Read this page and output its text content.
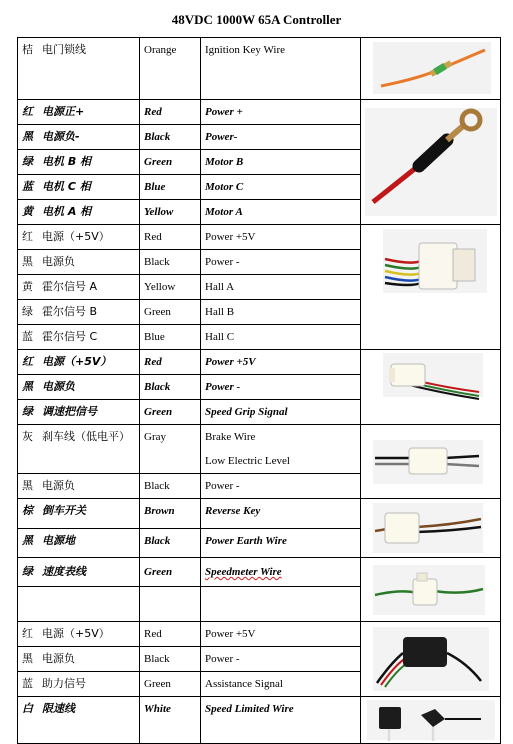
48VDC 1000W 65A Controller
桔 电门锁线	Orange	Ignition Key Wire	

红 电源正+	Red	Power +	

黑 电源负-	Black	Power-	
绿 电机 B 相	Green	Motor B	
蓝 电机 C 相	Blue	Motor C	
黄 电机 A 相	Yellow	Motor A	
红 电源（+5V）	Red	Power +5V	

黑 电源负	Black	Power -	
黄 霍尔信号 A	Yellow	Hall A	
绿 霍尔信号 B	Green	Hall B	
蓝 霍尔信号 C	Blue	Hall C	
红 电源（+5V）	Red	Power +5V	

黑 电源负	Black	Power -	
绿 调速把信号	Green	Speed Grip Signal	
灰 刹车线（低电平）	Gray	Brake Wire
Low Electric Level

黑 电源负	Black	Power -	
棕 倒车开关	Brown	Reverse Key	

黑 电源地	Black	Power Earth Wire	
绿 速度表线	Green	Speedmeter Wire	

红 电源（+5V）	Red	Power +5V	

黑 电源负	Black	Power -	
蓝 助力信号	Green	Assistance Signal	
白 限速线	White	Speed Limited Wire	
